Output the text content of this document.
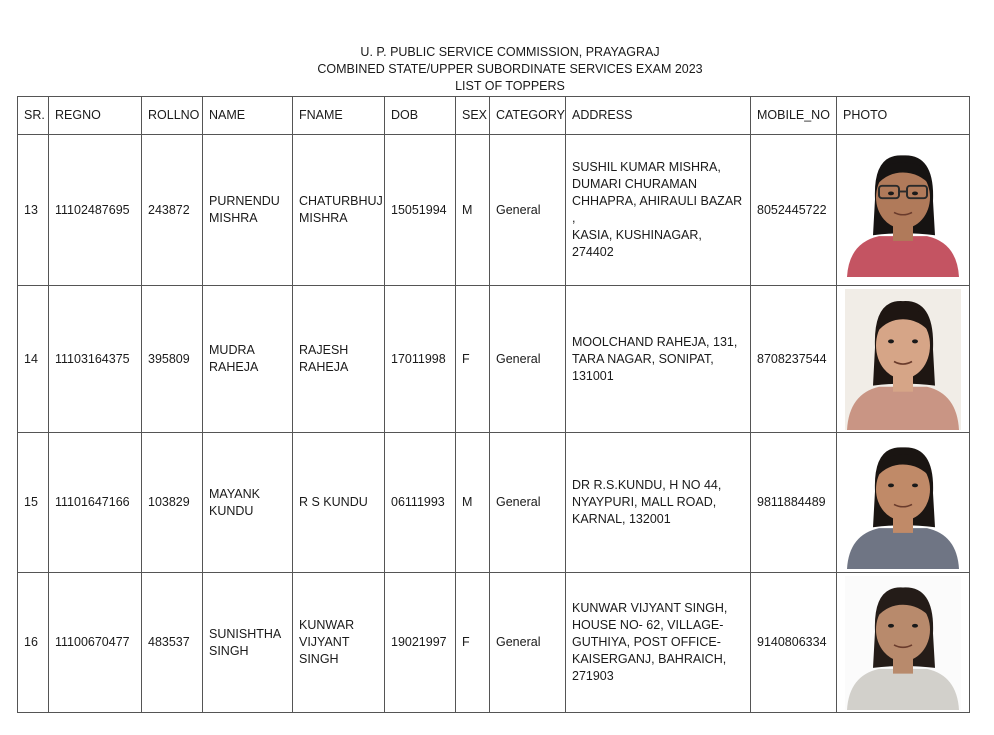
U. P. PUBLIC SERVICE COMMISSION, PRAYAGRAJ
COMBINED STATE/UPPER SUBORDINATE SERVICES EXAM 2023
LIST OF TOPPERS
SR.	REGNO	ROLLNO	NAME	FNAME	DOB	SEX	CATEGORY	ADDRESS	MOBILE_NO	PHOTO
13	11102487695	243872	PURNENDU
MISHRA	CHATURBHUJ
MISHRA	15051994	M	General	SUSHIL KUMAR MISHRA,
DUMARI CHURAMAN
CHHAPRA, AHIRAULI BAZAR ,
KASIA, KUSHINAGAR, 274402	8052445722	

14	11103164375	395809	MUDRA
RAHEJA	RAJESH
RAHEJA	17011998	F	General	MOOLCHAND RAHEJA, 131,
TARA NAGAR, SONIPAT,
131001	8708237544	

15	11101647166	103829	MAYANK
KUNDU	R S KUNDU	06111993	M	General	DR R.S.KUNDU, H NO 44,
NYAYPURI, MALL ROAD,
KARNAL, 132001	9811884489	

16	11100670477	483537	SUNISHTHA
SINGH	KUNWAR
VIJYANT
SINGH	19021997	F	General	KUNWAR VIJYANT SINGH,
HOUSE NO- 62, VILLAGE-
GUTHIYA, POST OFFICE-
KAISERGANJ, BAHRAICH,
271903	9140806334	
